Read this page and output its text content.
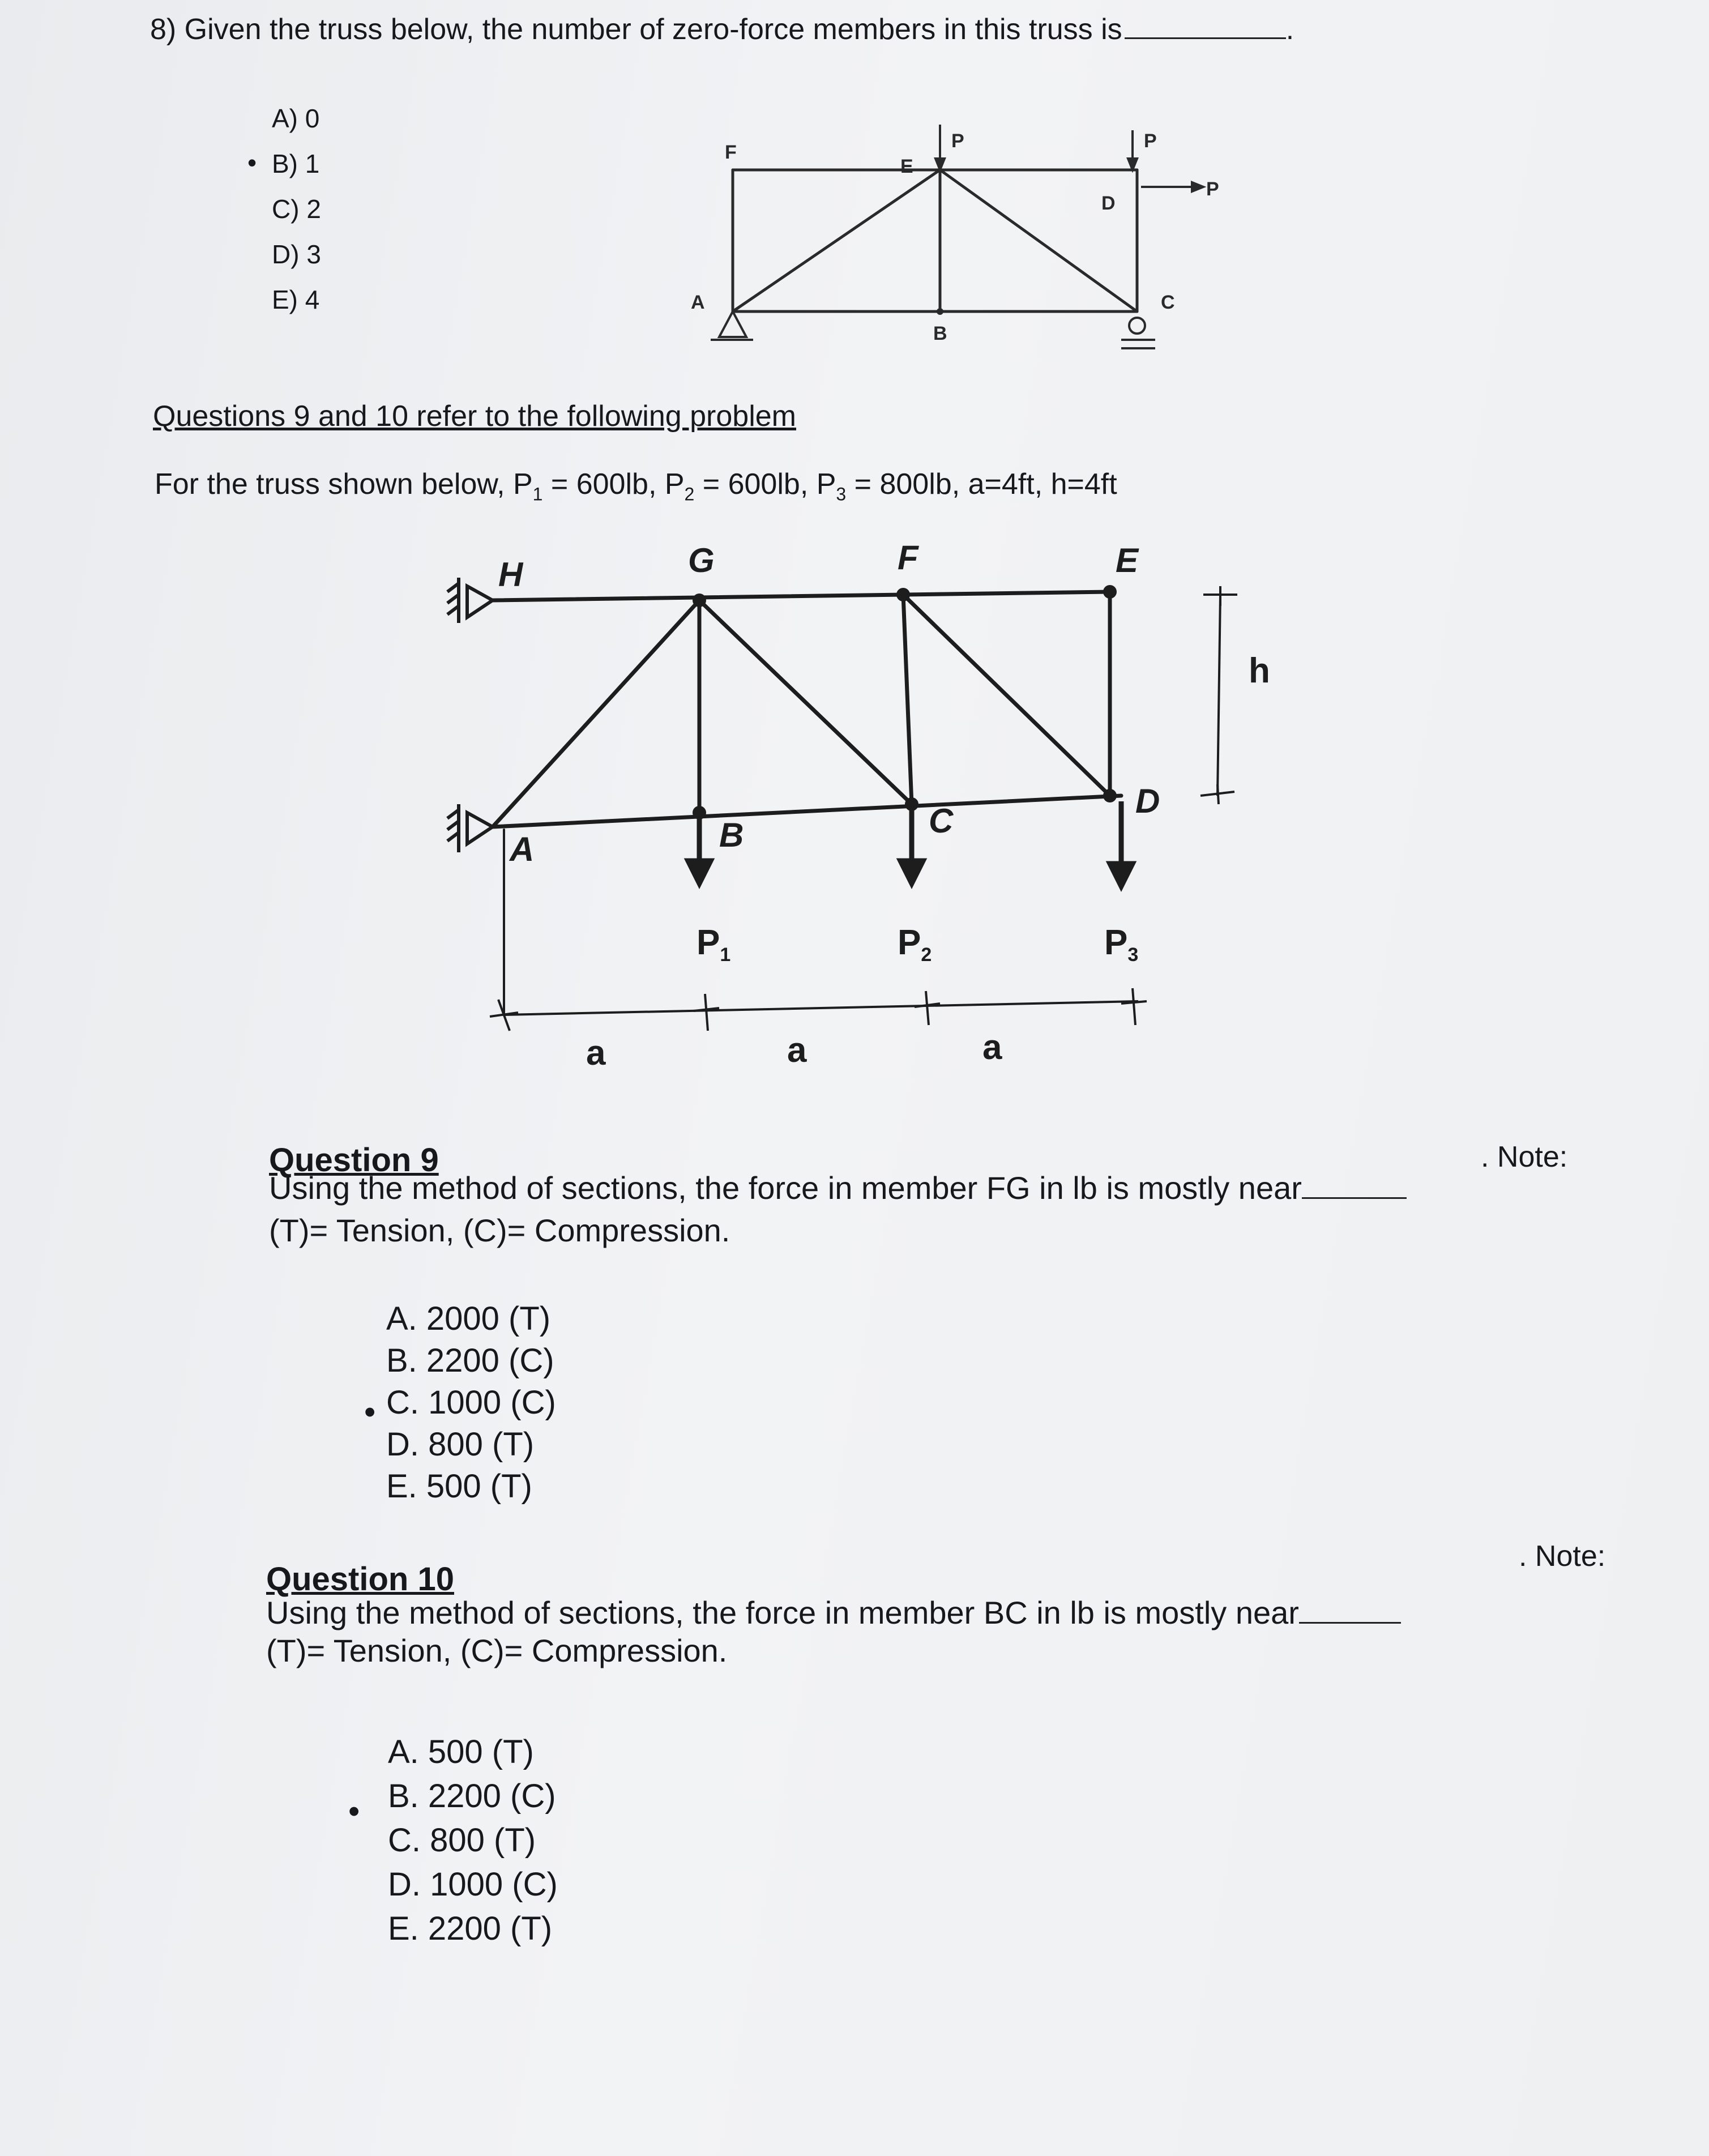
8) Given the truss below, the number of zero-force members in this truss is	.
•
A) 0
B) 1
C) 2
D) 3
E) 4
F
E
D
A
B
C
P	P
P
Questions 9 and 10 refer to the following problem
For the truss shown below, $P_1 = 600lb$, $P_2 = 600lb$, $P_3 = 800lb$, a=4ft, h=4ft
H	G	F	E
A	B	C
D
P1	P2	P3
a	a	a
h
Question 9
Using the method of sections, the force in member FG in lb is mostly near
. Note:
(T)= Tension, (C)= Compression.
•
A. 2000 (T)
B. 2200 (C)
C. 1000 (C)
D. 800 (T)
E. 500 (T)
Question 10
Using the method of sections, the force in member BC in lb is mostly near
. Note:
(T)= Tension, (C)= Compression.
•
A. 500 (T)
B. 2200 (C)
C. 800 (T)
D. 1000 (C)
E. 2200 (T)
